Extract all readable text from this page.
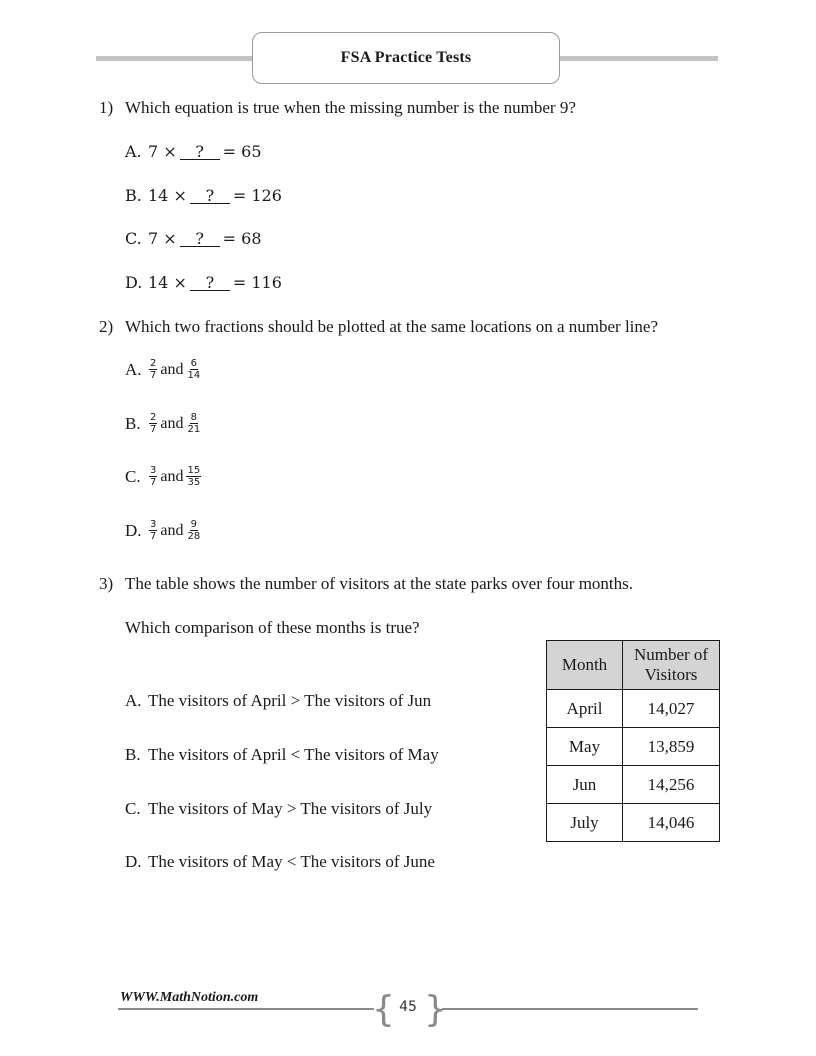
FSA Practice Tests
1) Which equation is true when the missing number is the number 9?
A. 7 × ? = 65
B. 14 × ? = 126
C. 7 × ? = 68
D. 14 × ? = 116
2) Which two fractions should be plotted at the same locations on a number line?
A. $\frac{2}{7}$ and $\frac{6}{14}$
B. $\frac{2}{7}$ and $\frac{8}{21}$
C. $\frac{3}{7}$ and $\frac{15}{35}$
D. $\frac{3}{7}$ and $\frac{9}{28}$
3) The table shows the number of visitors at the state parks over four months.
Which comparison of these months is true?
A. The visitors of April > The visitors of Jun
B. The visitors of April < The visitors of May
C. The visitors of May > The visitors of July
D. The visitors of May < The visitors of June
Month	Number of Visitors
April	14,027
May	13,859
Jun	14,256
July	14,046
WWW.MathNotion.com	{ }
45
